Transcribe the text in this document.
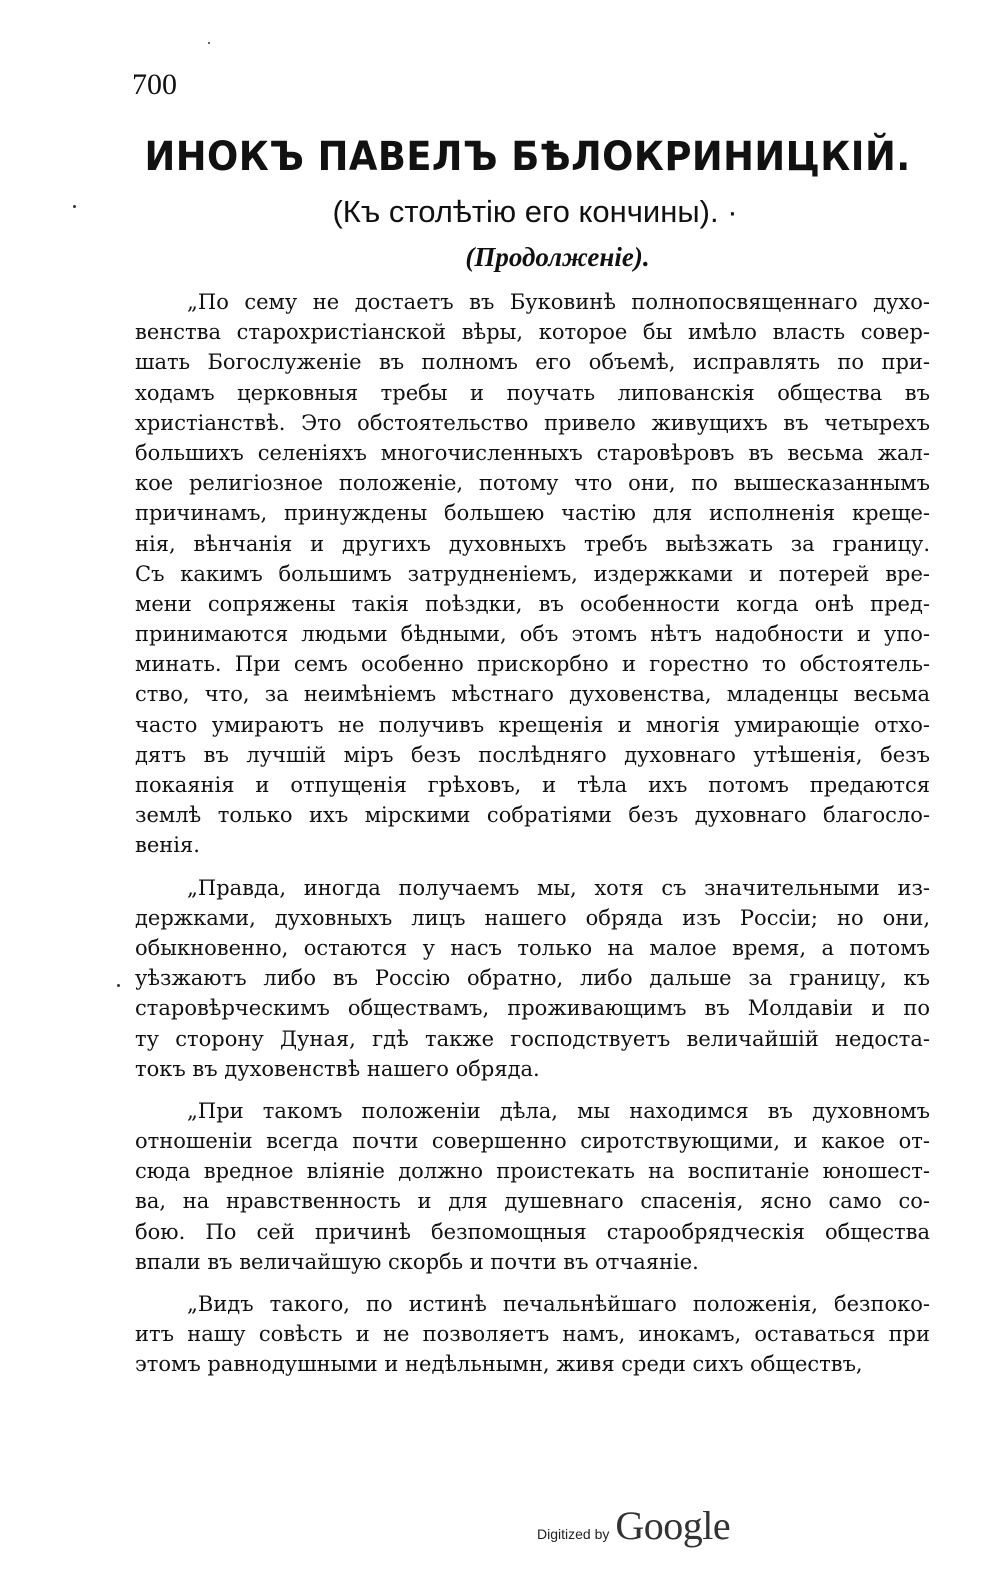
700
ИНОКЪ ПАВЕЛЪ БѢЛОКРИНИЦКІЙ.
(Къ столѣтію его кончины). ·
(Продолженіе).
„По сему не достаетъ въ Буковинѣ полнопосвященнаго духо-
венства старохристіанской вѣры, которое бы имѣло власть совер-
шать Богослуженіе въ полномъ его объемѣ, исправлять по при-
ходамъ церковныя требы и поучать липованскія общества въ
христіанствѣ. Это обстоятельство привело живущихъ въ четырехъ
большихъ селеніяхъ многочисленныхъ старовѣровъ въ весьма жал-
кое религіозное положеніе, потому что они, по вышесказаннымъ
причинамъ, принуждены большею частію для исполненія креще-
нія, вѣнчанія и другихъ духовныхъ требъ выѣзжать за границу.
Съ какимъ большимъ затрудненіемъ, издержками и потерей вре-
мени сопряжены такія поѣздки, въ особенности когда онѣ пред-
принимаются людьми бѣдными, объ этомъ нѣтъ надобности и упо-
минать. При семъ особенно прискорбно и горестно то обстоятель-
ство, что, за неимѣніемъ мѣстнаго духовенства, младенцы весьма
часто умираютъ не получивъ крещенія и многія умирающіе отхо-
дятъ въ лучшій міръ безъ послѣдняго духовнаго утѣшенія, безъ
покаянія и отпущенія грѣховъ, и тѣла ихъ потомъ предаются
землѣ только ихъ мірскими собратіями безъ духовнаго благосло-
венія.
„Правда, иногда получаемъ мы, хотя съ значительными из-
держками, духовныхъ лицъ нашего обряда изъ Россіи; но они,
обыкновенно, остаются у насъ только на малое время, а потомъ
уѣзжаютъ либо въ Россію обратно, либо дальше за границу, къ
старовѣрческимъ обществамъ, проживающимъ въ Молдавіи и по
ту сторону Дуная, гдѣ также господствуетъ величайшій недоста-
токъ въ духовенствѣ нашего обряда.
„При такомъ положеніи дѣла, мы находимся въ духовномъ
отношеніи всегда почти совершенно сиротствующими, и какое от-
сюда вредное вліяніе должно проистекать на воспитаніе юношест-
ва, на нравственность и для душевнаго спасенія, ясно само со-
бою. По сей причинѣ безпомощныя старообрядческія общества
впали въ величайшую скорбь и почти въ отчаяніе.
„Видъ такого, по истинѣ печальнѣйшаго положенія, безпоко-
итъ нашу совѣсть и не позволяетъ намъ, инокамъ, оставаться при
этомъ равнодушными и недѣльнымн, живя среди сихъ обществъ,
Digitized by Google
